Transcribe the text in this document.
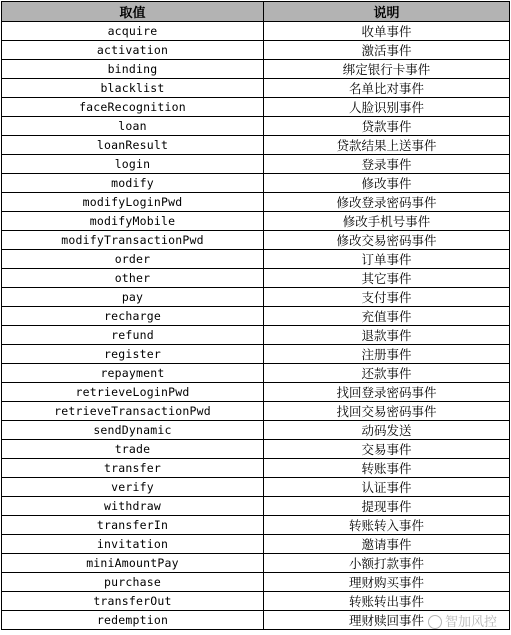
取值	说明
acquire	收单事件
activation	激活事件
binding	绑定银行卡事件
blacklist	名单比对事件
faceRecognition	人脸识别事件
loan	贷款事件
loanResult	贷款结果上送事件
login	登录事件
modify	修改事件
modifyLoginPwd	修改登录密码事件
modifyMobile	修改手机号事件
modifyTransactionPwd	修改交易密码事件
order	订单事件
other	其它事件
pay	支付事件
recharge	充值事件
refund	退款事件
register	注册事件
repayment	还款事件
retrieveLoginPwd	找回登录密码事件
retrieveTransactionPwd	找回交易密码事件
sendDynamic	动码发送
trade	交易事件
transfer	转账事件
verify	认证事件
withdraw	提现事件
transferIn	转账转入事件
invitation	邀请事件
miniAmountPay	小额打款事件
purchase	理财购买事件
transferOut	转账转出事件
redemption	理财赎回事件	智加风控
